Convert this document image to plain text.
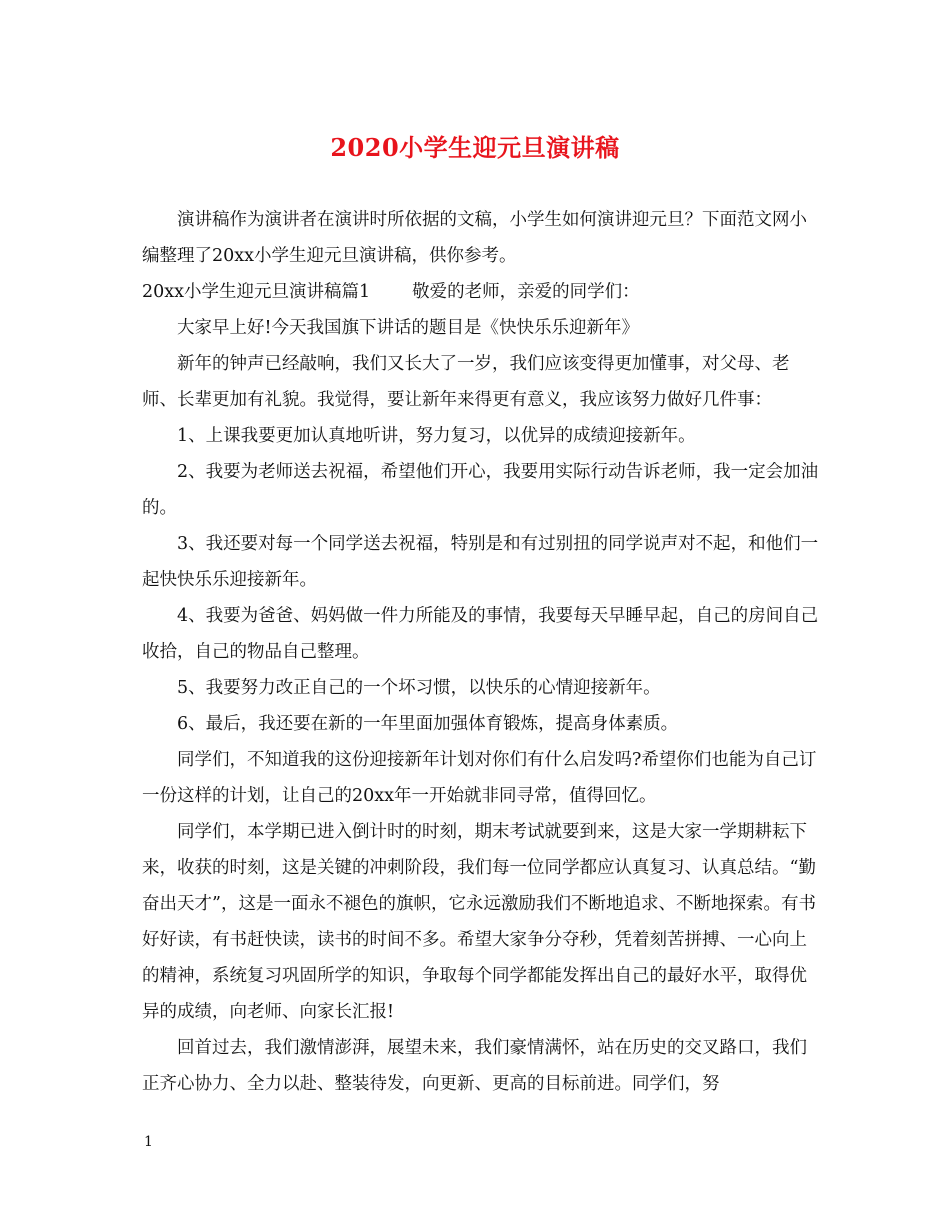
2020小学生迎元旦演讲稿

演讲稿作为演讲者在演讲时所依据的文稿，小学生如何演讲迎元旦？下面范文网小编整理了20xx小学生迎元旦演讲稿，供你参考。

20xx小学生迎元旦演讲稿篇1 敬爱的老师，亲爱的同学们：

大家早上好!今天我国旗下讲话的题目是《快快乐乐迎新年》

新年的钟声已经敲响，我们又长大了一岁，我们应该变得更加懂事，对父母、老师、长辈更加有礼貌。我觉得，要让新年来得更有意义，我应该努力做好几件事：

1、上课我要更加认真地听讲，努力复习，以优异的成绩迎接新年。

2、我要为老师送去祝福，希望他们开心，我要用实际行动告诉老师，我一定会加油的。

3、我还要对每一个同学送去祝福，特别是和有过别扭的同学说声对不起，和他们一 起快快乐乐迎接新年。

4、我要为爸爸、妈妈做一件力所能及的事情，我要每天早睡早起，自己的房间自己收拾，自己的物品自己整理。

5、我要努力改正自己的一个坏习惯，以快乐的心情迎接新年。

6、最后，我还要在新的一年里面加强体育锻炼，提高身体素质。

同学们，不知道我的这份迎接新年计划对你们有什么启发吗?希望你们也能为自己订一份这样的计划，让自己的20xx年一开始就非同寻常，值得回忆。

同学们，本学期已进入倒计时的时刻，期末考试就要到来，这是大家一学期耕耘下来，收获的时刻，这是关键的冲刺阶段，我们每一位同学都应认真复习、认真总结。“勤奋出天才”，这是一面永不褪色的旗帜，它永远激励我们不断地追求、不断地探索。有书好好读，有书赶快读，读书的时间不多。希望大家争分夺秒，凭着刻苦拼搏、一心向上的精神，系统复习巩固所学的知识，争取每个同学都能发挥出自己的最好水平，取得优异的成绩，向老师、向家长汇报!

回首过去，我们激情澎湃，展望未来，我们豪情满怀，站在历史的交叉路口，我们正齐心协力、全力以赴、整装待发，向更新、更高的目标前进。同学们，努

1
